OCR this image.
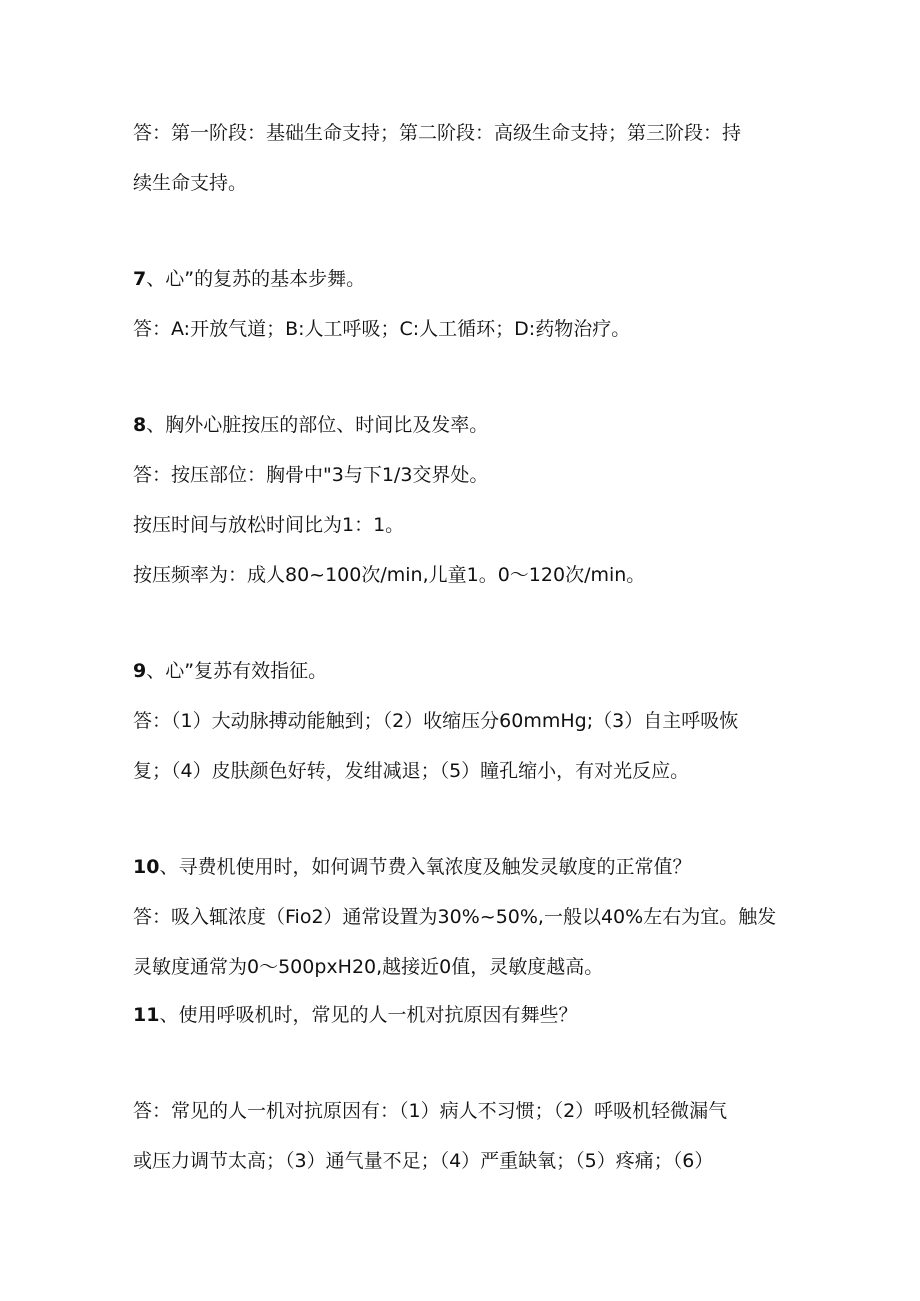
答：第一阶段：基础生命支持；第二阶段：高级生命支持；第三阶段：持
续生命支持。
7、心”的复苏的基本步舞。
答：A:开放气道；B:人工呼吸；C:人工循环；D:药物治疗。
8、胸外心脏按压的部位、时间比及发率。
答：按压部位：胸骨中"3与下1/3交界处。
按压时间与放松时间比为1：1。
按压频率为：成人80~100次∕min,儿童1。0～120次/min。
9、心”复苏有效指征。
答：（1）大动脉搏动能触到；（2）收缩压分60mmHg;（3）自主呼吸恢
复；（4）皮肤颜色好转，发绀减退；（5）瞳孔缩小，有对光反应。
10、寻费机使用时，如何调节费入氧浓度及触发灵敏度的正常值？
答：吸入辄浓度（Fio2）通常设置为30%~50%,一般以40%左右为宜。触发
灵敏度通常为0～500pxH20,越接近0值，灵敏度越高。
11、使用呼吸机时，常见的人一机对抗原因有舞些？
答：常见的人一机对抗原因有：（1）病人不习惯；（2）呼吸机轻微漏气
或压力调节太高；（3）通气量不足；（4）严重缺氧；（5）疼痛；（6）
